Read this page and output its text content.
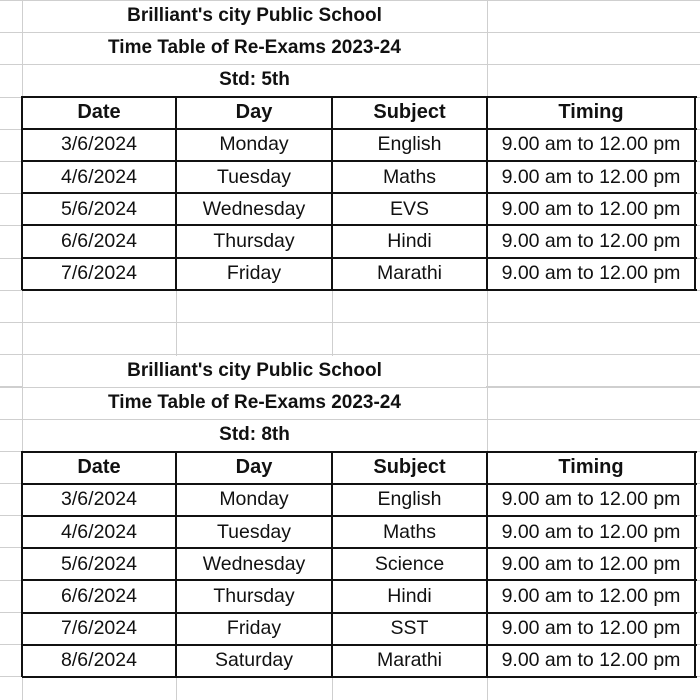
Brilliant's city Public School
Time Table of Re-Exams 2023-24
Std: 5th
Date	Day	Subject	Timing
3/6/2024	Monday	English	9.00 am to 12.00 pm
4/6/2024	Tuesday	Maths	9.00 am to 12.00 pm
5/6/2024	Wednesday	EVS	9.00 am to 12.00 pm
6/6/2024	Thursday	Hindi	9.00 am to 12.00 pm
7/6/2024	Friday	Marathi	9.00 am to 12.00 pm
Brilliant's city Public School
Time Table of Re-Exams 2023-24
Std: 8th
Date	Day	Subject	Timing
3/6/2024	Monday	English	9.00 am to 12.00 pm
4/6/2024	Tuesday	Maths	9.00 am to 12.00 pm
5/6/2024	Wednesday	Science	9.00 am to 12.00 pm
6/6/2024	Thursday	Hindi	9.00 am to 12.00 pm
7/6/2024	Friday	SST	9.00 am to 12.00 pm
8/6/2024	Saturday	Marathi	9.00 am to 12.00 pm
